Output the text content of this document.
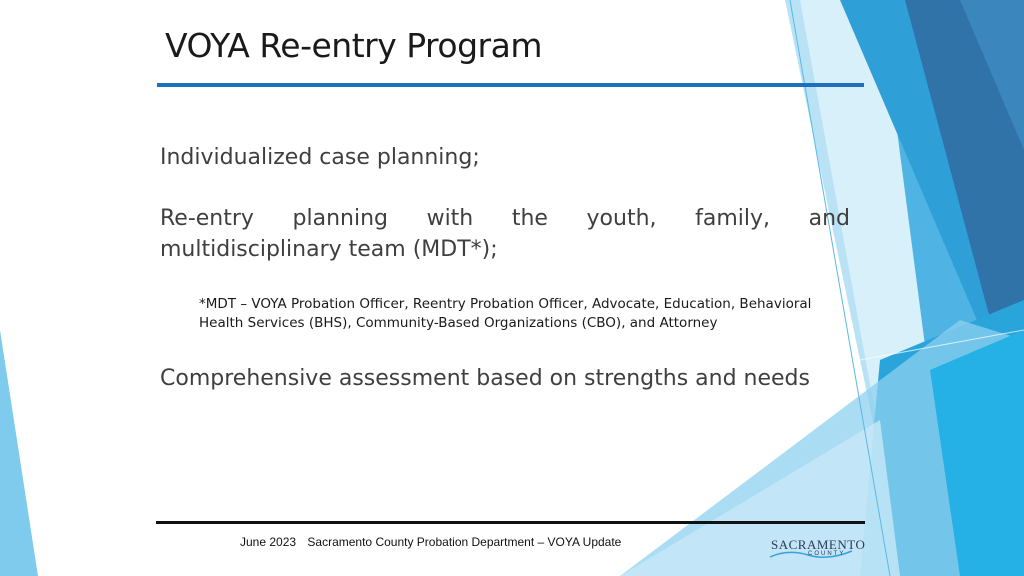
VOYA Re-entry Program
Individualized case planning;
Re-entry planning with the youth, family, and
multidisciplinary team (MDT*);
*MDT – VOYA Probation Officer, Reentry Probation Officer, Advocate, Education, Behavioral
Health Services (BHS), Community-Based Organizations (CBO), and Attorney
Comprehensive assessment based on strengths and needs
June 2023 Sacramento County Probation Department – VOYA Update	SACRAMENTO
COUNTY
